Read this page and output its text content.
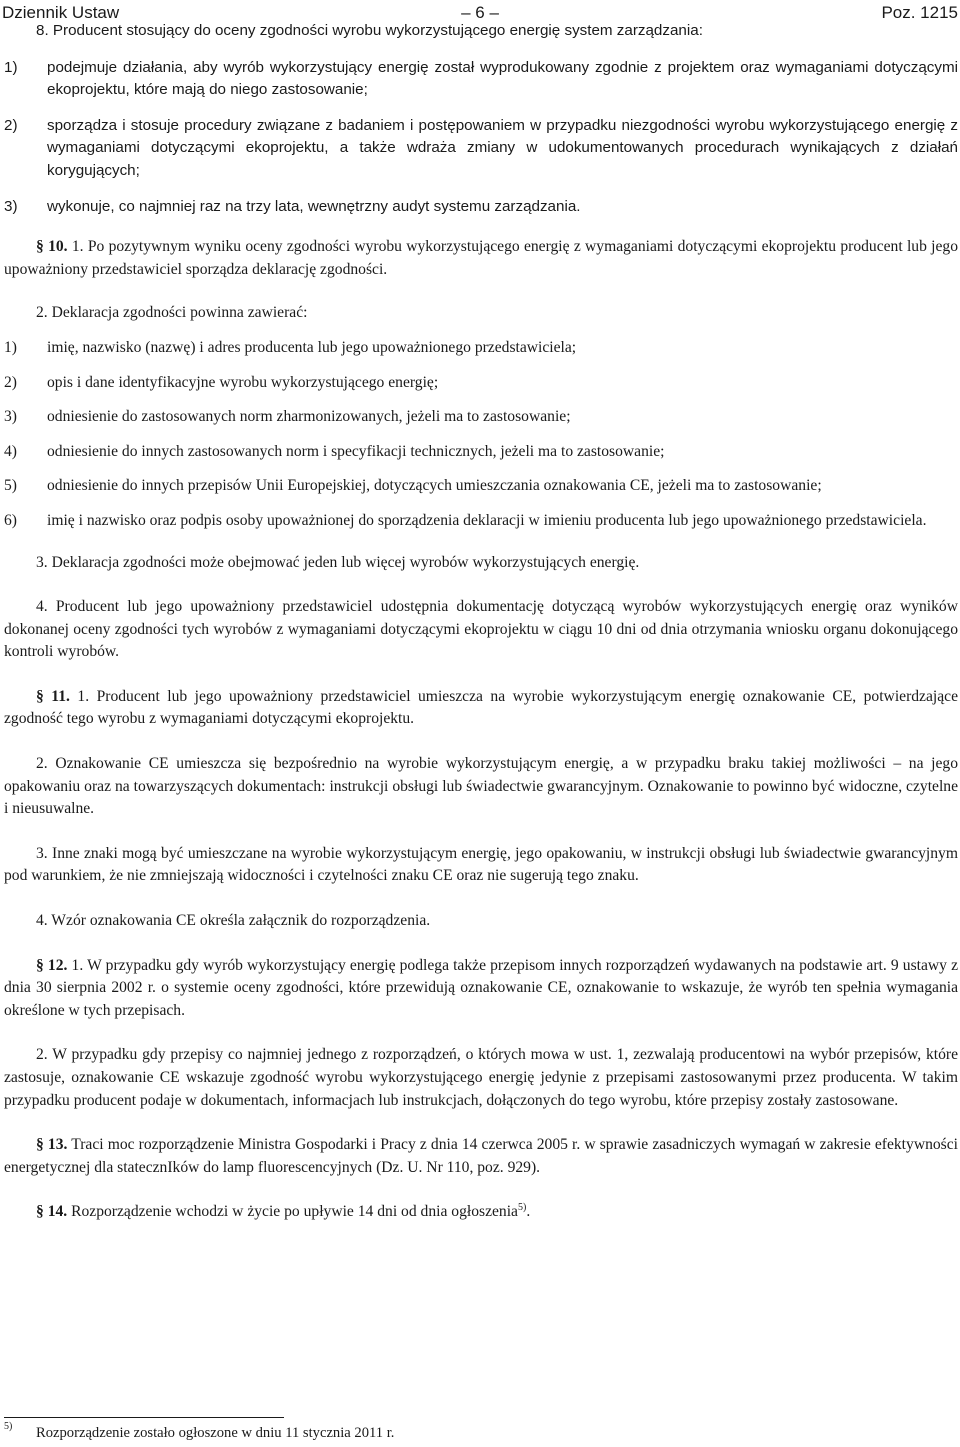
Dziennik Ustaw	– 6 –	Poz. 1215

8. Producent stosujący do oceny zgodności wyrobu wykorzystującego energię system zarządzania:

1) podejmuje działania, aby wyrób wykorzystujący energię został wyprodukowany zgodnie z projektem oraz wymaganiami dotyczącymi ekoprojektu, które mają do niego zastosowanie;
2) sporządza i stosuje procedury związane z badaniem i postępowaniem w przypadku niezgodności wyrobu wykorzystującego energię z wymaganiami dotyczącymi ekoprojektu, a także wdraża zmiany w udokumentowanych procedurach wynikających z działań korygujących;
3) wykonuje, co najmniej raz na trzy lata, wewnętrzny audyt systemu zarządzania.

§ 10. 1. Po pozytywnym wyniku oceny zgodności wyrobu wykorzystującego energię z wymaganiami dotyczącymi ekoprojektu producent lub jego upoważniony przedstawiciel sporządza deklarację zgodności.

2. Deklaracja zgodności powinna zawierać:

1) imię, nazwisko (nazwę) i adres producenta lub jego upoważnionego przedstawiciela;
2) opis i dane identyfikacyjne wyrobu wykorzystującego energię;
3) odniesienie do zastosowanych norm zharmonizowanych, jeżeli ma to zastosowanie;
4) odniesienie do innych zastosowanych norm i specyfikacji technicznych, jeżeli ma to zastosowanie;
5) odniesienie do innych przepisów Unii Europejskiej, dotyczących umieszczania oznakowania CE, jeżeli ma to zastosowanie;
6) imię i nazwisko oraz podpis osoby upoważnionej do sporządzenia deklaracji w imieniu producenta lub jego upoważnionego przedstawiciela.

3. Deklaracja zgodności może obejmować jeden lub więcej wyrobów wykorzystujących energię.

4. Producent lub jego upoważniony przedstawiciel udostępnia dokumentację dotyczącą wyrobów wykorzystujących energię oraz wyników dokonanej oceny zgodności tych wyrobów z wymaganiami dotyczącymi ekoprojektu w ciągu 10 dni od dnia otrzymania wniosku organu dokonującego kontroli wyrobów.

§ 11. 1. Producent lub jego upoważniony przedstawiciel umieszcza na wyrobie wykorzystującym energię oznakowanie CE, potwierdzające zgodność tego wyrobu z wymaganiami dotyczącymi ekoprojektu.

2. Oznakowanie CE umieszcza się bezpośrednio na wyrobie wykorzystującym energię, a w przypadku braku takiej możliwości – na jego opakowaniu oraz na towarzyszących dokumentach: instrukcji obsługi lub świadectwie gwarancyjnym. Oznakowanie to powinno być widoczne, czytelne i nieusuwalne.

3. Inne znaki mogą być umieszczane na wyrobie wykorzystującym energię, jego opakowaniu, w instrukcji obsługi lub świadectwie gwarancyjnym pod warunkiem, że nie zmniejszają widoczności i czytelności znaku CE oraz nie sugerują tego znaku.

4. Wzór oznakowania CE określa załącznik do rozporządzenia.

§ 12. 1. W przypadku gdy wyrób wykorzystujący energię podlega także przepisom innych rozporządzeń wydawanych na podstawie art. 9 ustawy z dnia 30 sierpnia 2002 r. o systemie oceny zgodności, które przewidują oznakowanie CE, oznakowanie to wskazuje, że wyrób ten spełnia wymagania określone w tych przepisach.

2. W przypadku gdy przepisy co najmniej jednego z rozporządzeń, o których mowa w ust. 1, zezwalają producentowi na wybór przepisów, które zastosuje, oznakowanie CE wskazuje zgodność wyrobu wykorzystującego energię jedynie z przepisami zastosowanymi przez producenta. W takim przypadku producent podaje w dokumentach, informacjach lub instrukcjach, dołączonych do tego wyrobu, które przepisy zostały zastosowane.

§ 13. Traci moc rozporządzenie Ministra Gospodarki i Pracy z dnia 14 czerwca 2005 r. w sprawie zasadniczych wymagań w zakresie efektywności energetycznej dla statecznIków do lamp fluorescencyjnych (Dz. U. Nr 110, poz. 929).

§ 14. Rozporządzenie wchodzi w życie po upływie 14 dni od dnia ogłoszenia$^{5)}$.

5) Rozporządzenie zostało ogłoszone w dniu 11 stycznia 2011 r.
